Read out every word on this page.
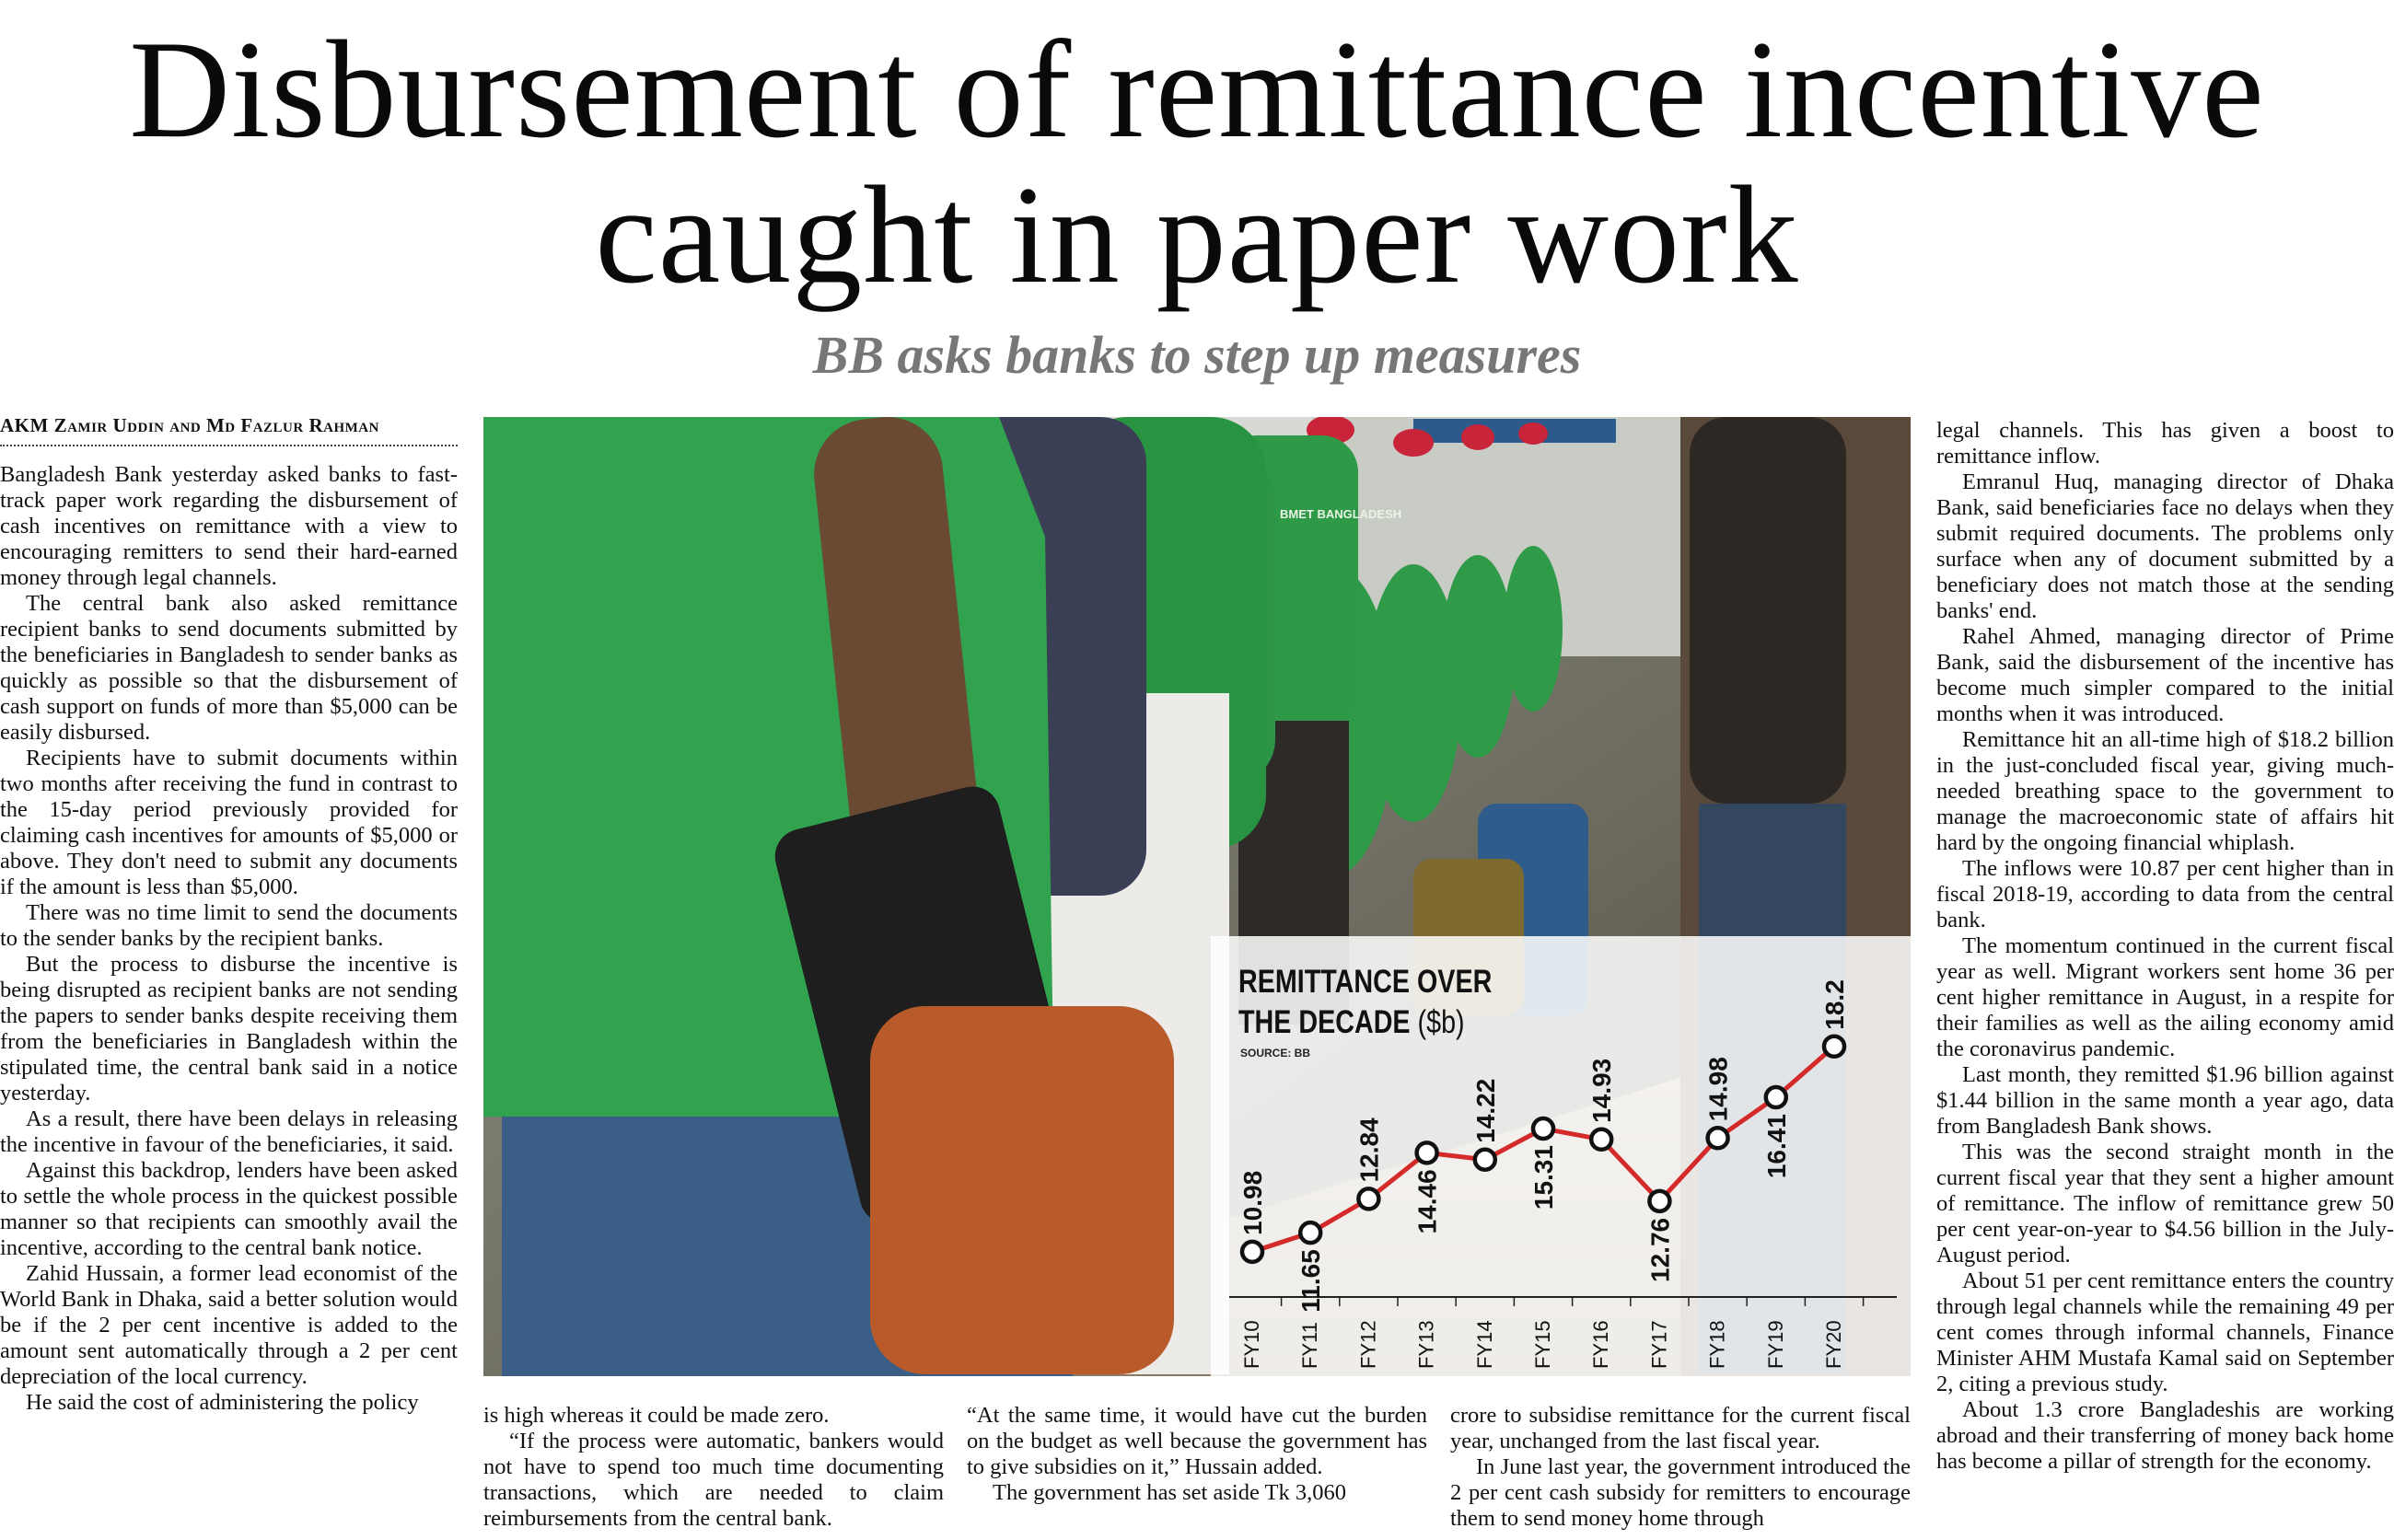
Disbursement of remittance incentive
caught in paper work
BB asks banks to step up measures
AKM Zamir Uddin and Md Fazlur Rahman

Bangladesh Bank yesterday asked banks to fast-track paper work regarding the disbursement of cash incentives on remittance with a view to encouraging remitters to send their hard-earned money through legal channels.

The central bank also asked remittance recipient banks to send documents submitted by the beneficiaries in Bangladesh to sender banks as quickly as possible so that the disbursement of cash support on funds of more than $5,000 can be easily disbursed.

Recipients have to submit documents within two months after receiving the fund in contrast to the 15-day period previously provided for claiming cash incentives for amounts of $5,000 or above. They don't need to submit any documents if the amount is less than $5,000.

There was no time limit to send the documents to the sender banks by the recipient banks.

But the process to disburse the incentive is being disrupted as recipient banks are not sending the papers to sender banks despite receiving them from the beneficiaries in Bangladesh within the stipulated time, the central bank said in a notice yesterday.

As a result, there have been delays in releasing the incentive in favour of the beneficiaries, it said.

Against this backdrop, lenders have been asked to settle the whole process in the quickest possible manner so that recipients can smoothly avail the incentive, according to the central bank notice.

Zahid Hussain, a former lead economist of the World Bank in Dhaka, said a better solution would be if the 2 per cent incentive is added to the amount sent automatically through a 2 per cent depreciation of the local currency.

He said the cost of administering the policy

BMET BANGLADESH
REMITTANCE OVER
THE DECADE ($b)
SOURCE: BB
FY10 FY11 FY12 FY13 FY14 FY15 FY16 FY17 FY18 FY19 FY20
10.98
11.65
12.84
14.46
14.22
15.31
14.93
12.76
14.98
16.41
18.2

is high whereas it could be made zero.

“If the process were automatic, bankers would not have to spend too much time documenting transactions, which are needed to claim reimbursements from the central bank.

“At the same time, it would have cut the burden on the budget as well because the government has to give subsidies on it,” Hussain added.

The government has set aside Tk 3,060

crore to subsidise remittance for the current fiscal year, unchanged from the last fiscal year.

In June last year, the government introduced the 2 per cent cash subsidy for remitters to encourage them to send money home through

legal channels. This has given a boost to remittance inflow.

Emranul Huq, managing director of Dhaka Bank, said beneficiaries face no delays when they submit required documents. The problems only surface when any of document submitted by a beneficiary does not match those at the sending banks' end.

Rahel Ahmed, managing director of Prime Bank, said the disbursement of the incentive has become much simpler compared to the initial months when it was introduced.

Remittance hit an all-time high of $18.2 billion in the just-concluded fiscal year, giving much-needed breathing space to the government to manage the macroeconomic state of affairs hit hard by the ongoing financial whiplash.

The inflows were 10.87 per cent higher than in fiscal 2018-19, according to data from the central bank.

The momentum continued in the current fiscal year as well. Migrant workers sent home 36 per cent higher remittance in August, in a respite for their families as well as the ailing economy amid the coronavirus pandemic.

Last month, they remitted $1.96 billion against $1.44 billion in the same month a year ago, data from Bangladesh Bank shows.

This was the second straight month in the current fiscal year that they sent a higher amount of remittance. The inflow of remittance grew 50 per cent year-on-year to $4.56 billion in the July-August period.

About 51 per cent remittance enters the country through legal channels while the remaining 49 per cent comes through informal channels, Finance Minister AHM Mustafa Kamal said on September 2, citing a previous study.

About 1.3 crore Bangladeshis are working abroad and their transferring of money back home has become a pillar of strength for the economy.
